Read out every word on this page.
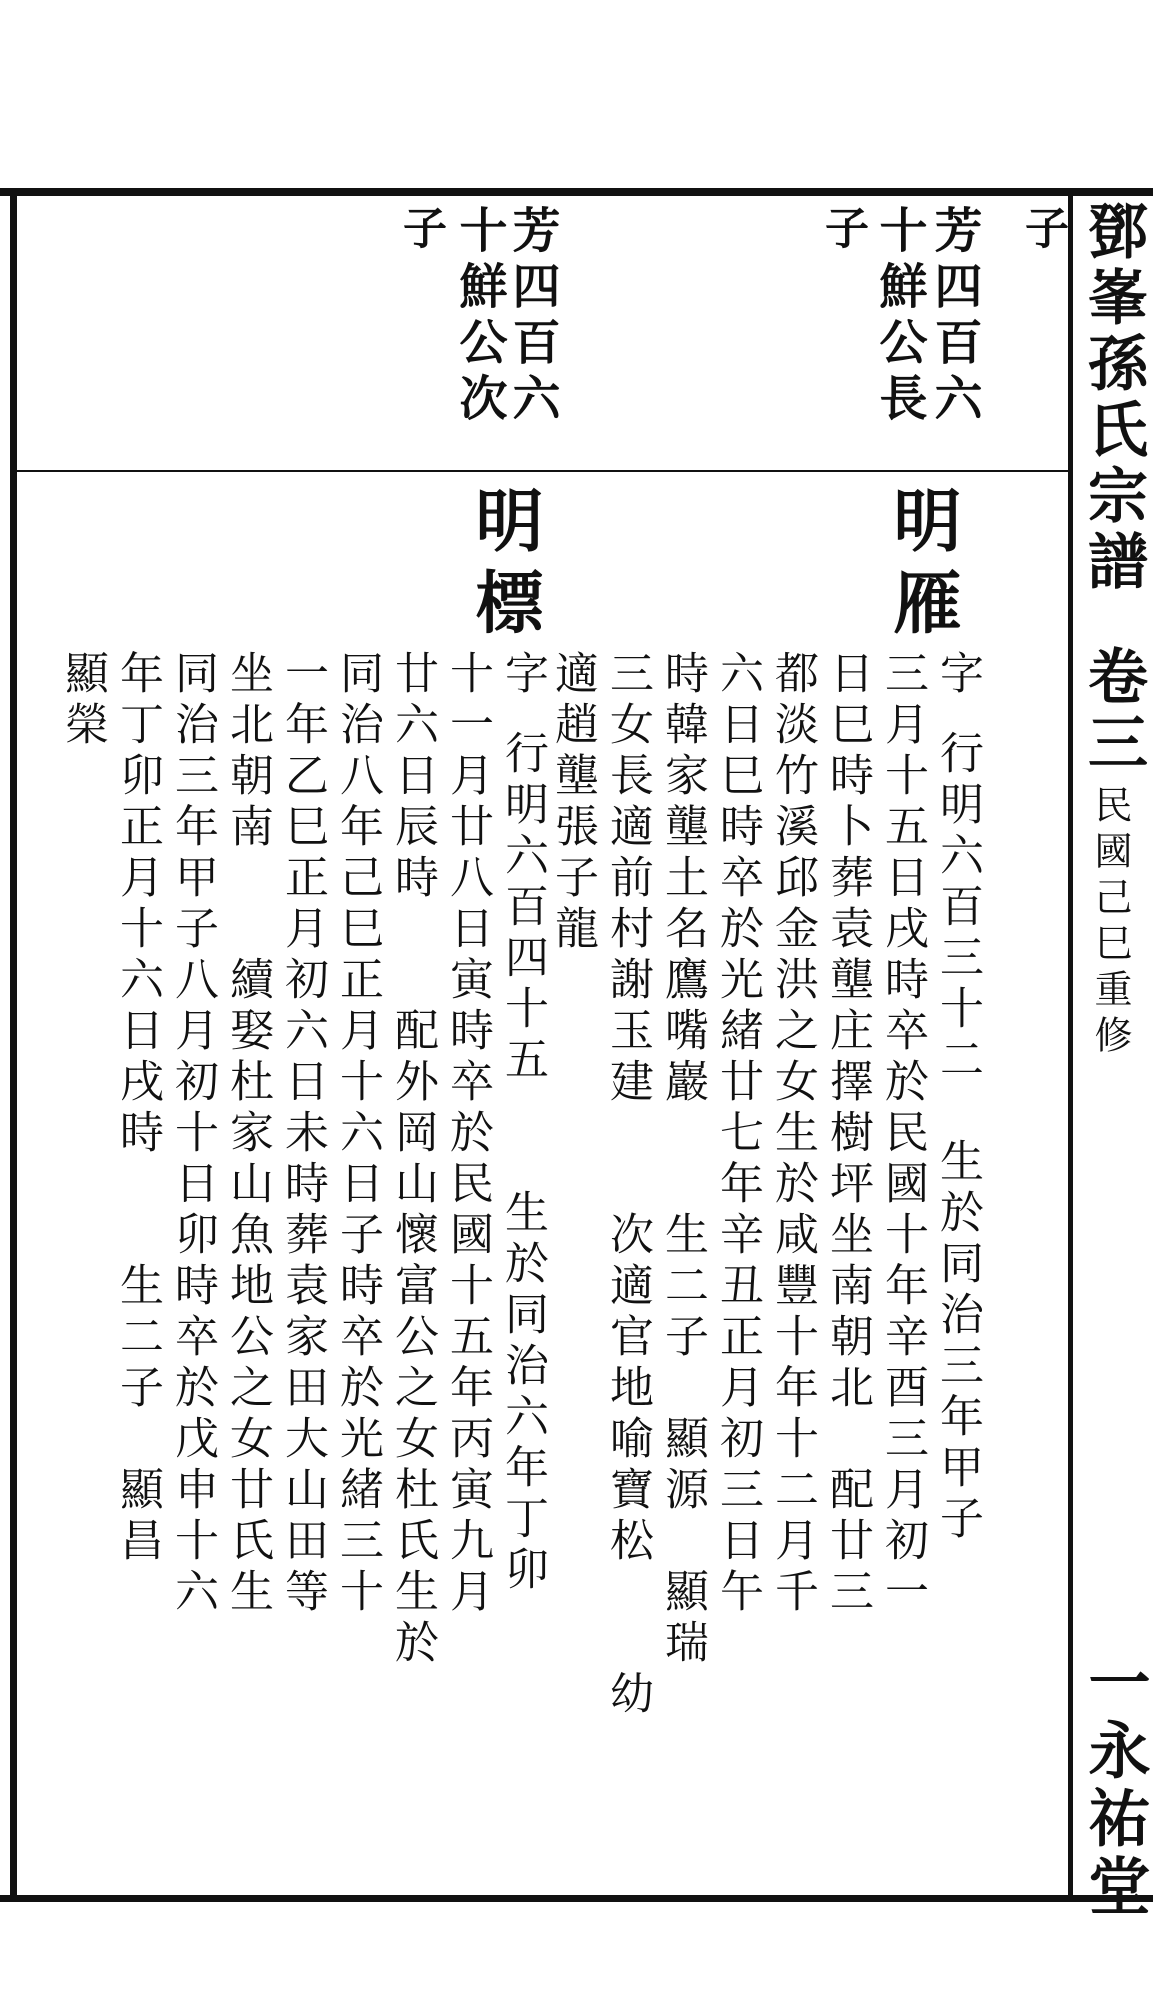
鄧峯孫氏宗譜
卷三
民國己巳重修
一永祐堂
子
芳四百六
十鮮公長
子
芳四百六
十鮮公次
子
明雁
明標
字
行明六百三十二　生於同治三年甲子
三月十五日戌時卒於民國十年辛酉三月初一
日巳時卜葬袁壟庄擇樹坪坐南朝北　配廿三
都淡竹溪邱金洪之女生於咸豐十年十二月千
六日巳時卒於光緒廿七年辛丑正月初三日午
時韓家壟土名鷹嘴巖　　生二子　顯源　顯瑞
三女長適前村謝玉建　　次適官地喻寶松　　幼
適趙壟張子龍
字
行明六百四十五　　生於同治六年丁卯
十一月廿八日寅時卒於民國十五年丙寅九月
廿六日辰時　　配外岡山懷富公之女杜氏生於
同治八年己巳正月十六日子時卒於光緒三十
一年乙巳正月初六日未時葬袁家田大山田等
坐北朝南　　續娶杜家山魚地公之女廿氏生
同治三年甲子八月初十日卯時卒於戊申十六
年丁卯正月十六日戌時　　生二子　顯昌
顯榮
